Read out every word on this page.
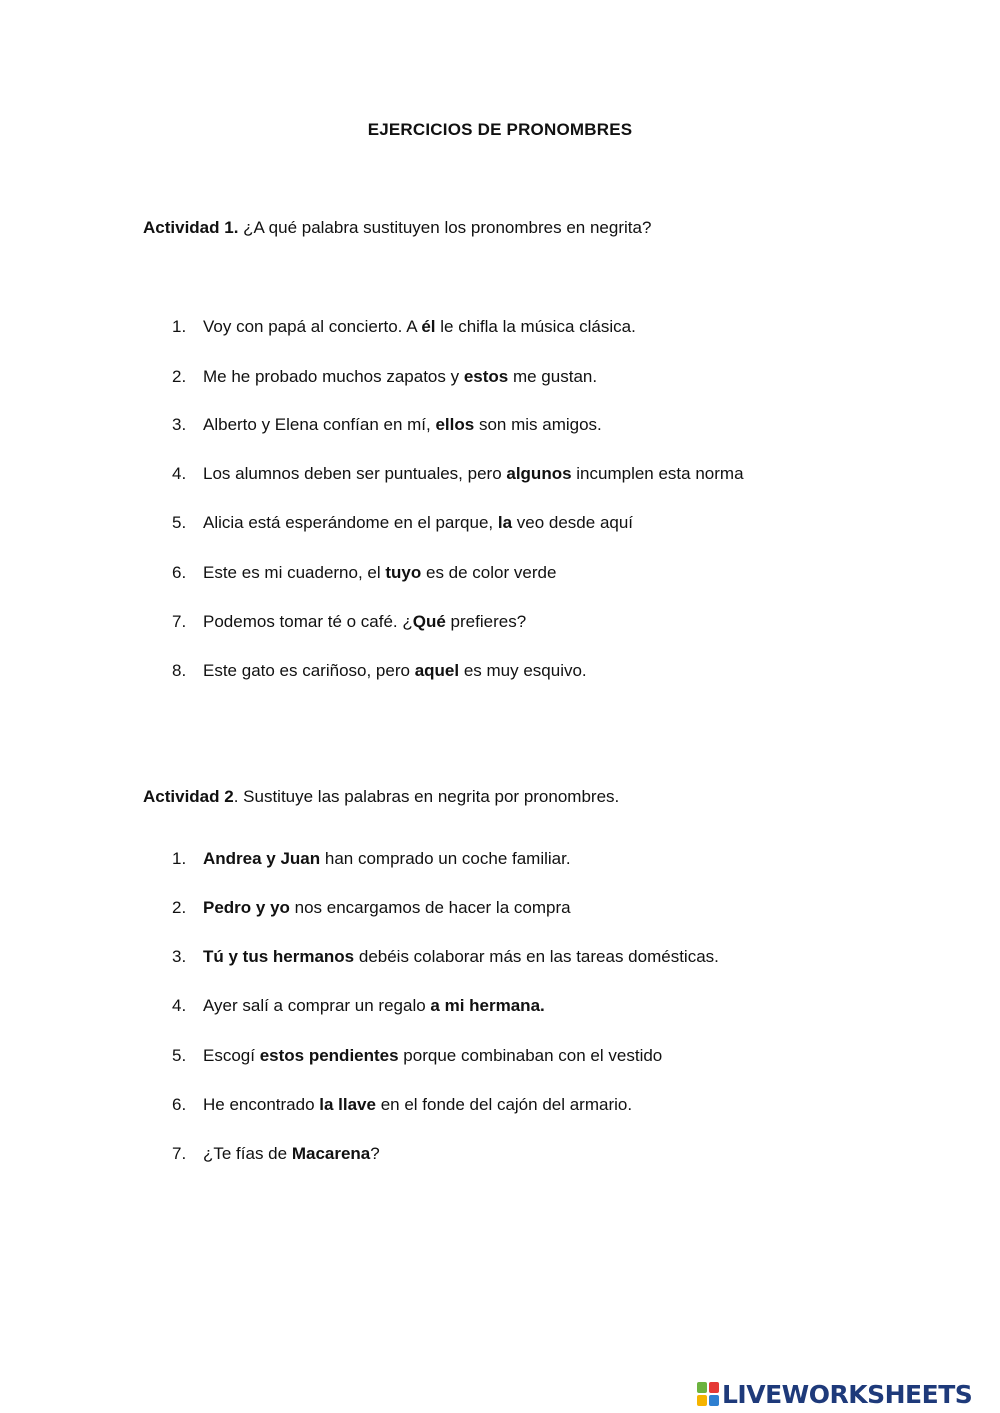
EJERCICIOS DE PRONOMBRES
Actividad 1. ¿A qué palabra sustituyen los pronombres en negrita?
1. Voy con papá al concierto. A él le chifla la música clásica.
2. Me he probado muchos zapatos y estos me gustan.
3. Alberto y Elena confían en mí, ellos son mis amigos.
4. Los alumnos deben ser puntuales, pero algunos incumplen esta norma
5. Alicia está esperándome en el parque, la veo desde aquí
6. Este es mi cuaderno, el tuyo es de color verde
7. Podemos tomar té o café. ¿Qué prefieres?
8. Este gato es cariñoso, pero aquel es muy esquivo.
Actividad 2. Sustituye las palabras en negrita por pronombres.
1. Andrea y Juan han comprado un coche familiar.
2. Pedro y yo nos encargamos de hacer la compra
3. Tú y tus hermanos debéis colaborar más en las tareas domésticas.
4. Ayer salí a comprar un regalo a mi hermana.
5. Escogí estos pendientes porque combinaban con el vestido
6. He encontrado la llave en el fonde del cajón del armario.
7. ¿Te fías de Macarena?
LIVEWORKSHEETS
